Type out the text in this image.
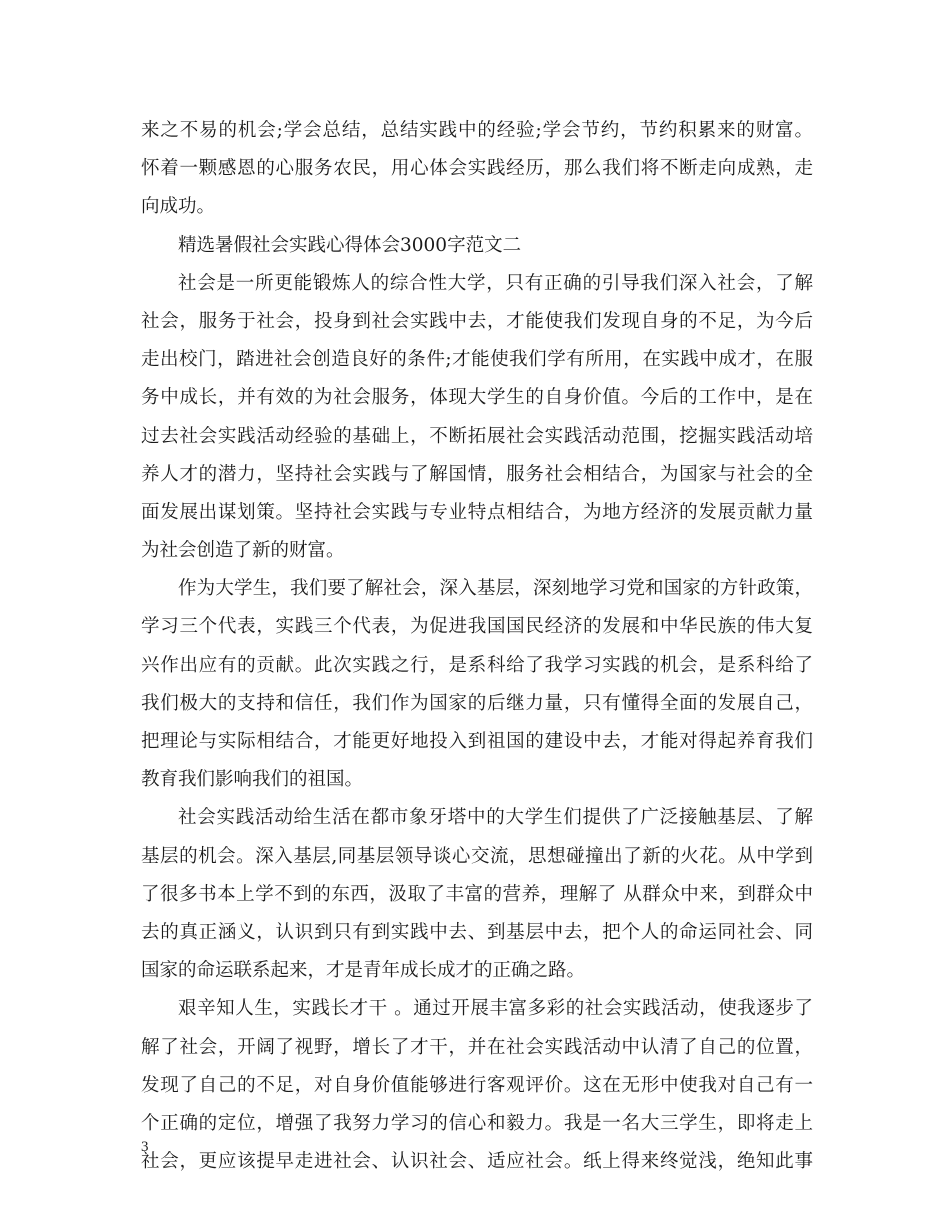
来之不易的机会;学会总结，总结实践中的经验;学会节约，节约积累来的财富。
怀着一颗感恩的心服务农民，用心体会实践经历，那么我们将不断走向成熟，走
向成功。
精选暑假社会实践心得体会3000字范文二
社会是一所更能锻炼人的综合性大学，只有正确的引导我们深入社会，了解
社会，服务于社会，投身到社会实践中去，才能使我们发现自身的不足，为今后
走出校门，踏进社会创造良好的条件;才能使我们学有所用，在实践中成才，在服
务中成长，并有效的为社会服务，体现大学生的自身价值。今后的工作中，是在
过去社会实践活动经验的基础上，不断拓展社会实践活动范围，挖掘实践活动培
养人才的潜力，坚持社会实践与了解国情，服务社会相结合，为国家与社会的全
面发展出谋划策。坚持社会实践与专业特点相结合，为地方经济的发展贡献力量
为社会创造了新的财富。
作为大学生，我们要了解社会，深入基层，深刻地学习党和国家的方针政策，
学习三个代表，实践三个代表，为促进我国国民经济的发展和中华民族的伟大复
兴作出应有的贡献。此次实践之行，是系科给了我学习实践的机会，是系科给了
我们极大的支持和信任，我们作为国家的后继力量，只有懂得全面的发展自己，
把理论与实际相结合，才能更好地投入到祖国的建设中去，才能对得起养育我们
教育我们影响我们的祖国。
社会实践活动给生活在都市象牙塔中的大学生们提供了广泛接触基层、了解
基层的机会。深入基层,同基层领导谈心交流，思想碰撞出了新的火花。从中学到
了很多书本上学不到的东西，汲取了丰富的营养，理解了 从群众中来，到群众中
去的真正涵义，认识到只有到实践中去、到基层中去，把个人的命运同社会、同
国家的命运联系起来，才是青年成长成才的正确之路。
艰辛知人生，实践长才干 。通过开展丰富多彩的社会实践活动，使我逐步了
解了社会，开阔了视野，增长了才干，并在社会实践活动中认清了自己的位置，
发现了自己的不足，对自身价值能够进行客观评价。这在无形中使我对自己有一
个正确的定位，增强了我努力学习的信心和毅力。我是一名大三学生，即将走上
社会，更应该提早走进社会、认识社会、适应社会。纸上得来终觉浅，绝知此事
3
